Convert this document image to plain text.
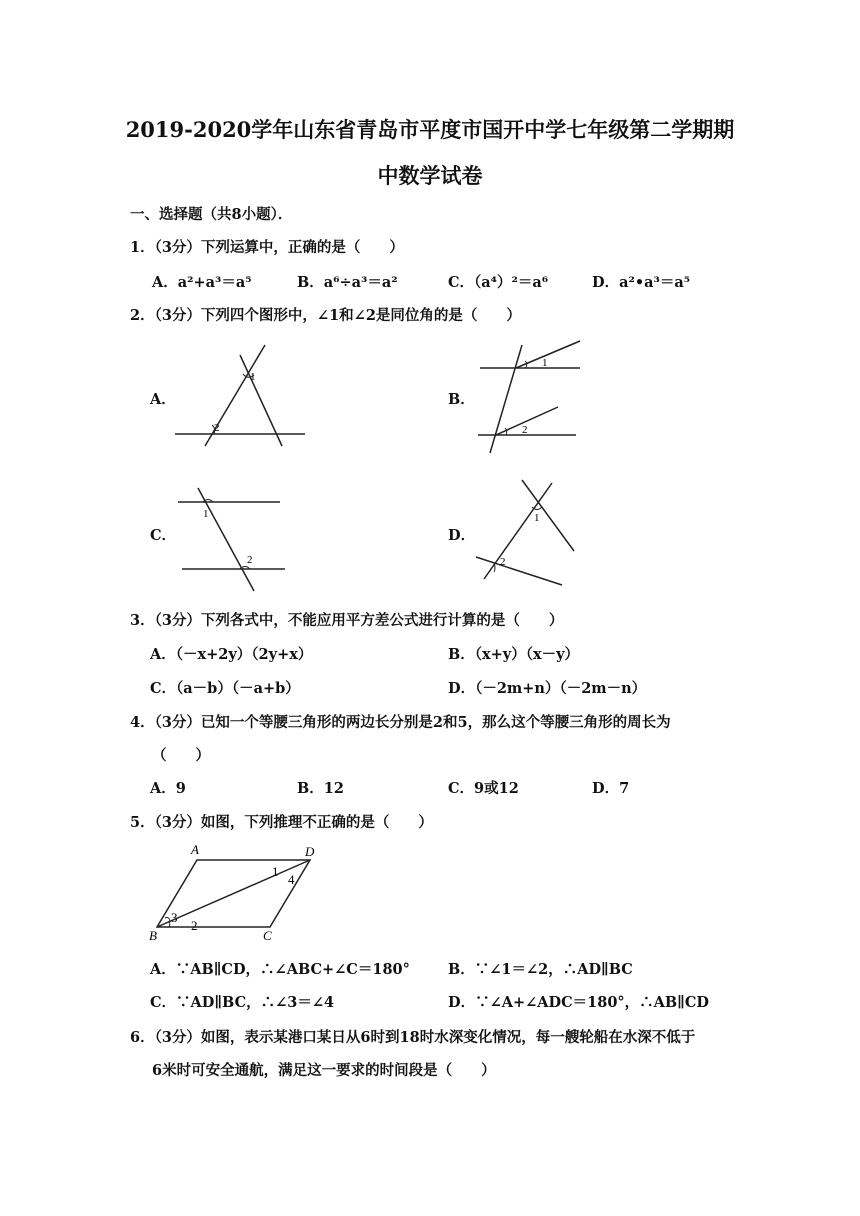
2019-2020学年山东省青岛市平度市国开中学七年级第二学期期
中数学试卷
一、选择题（共8小题）．
1．（3分）下列运算中，正确的是（　　）
A．a²+a³＝a⁵	B．a⁶÷a³＝a²	C．（a⁴）²＝a⁶	D．a²•a³＝a⁵
2．（3分）下列四个图形中，∠1和∠2是同位角的是（　　）
A．
1
2
B．
1
2
C．
1
2
D．
1
2
3．（3分）下列各式中，不能应用平方差公式进行计算的是（　　）
A．（－x+2y）（2y+x）	B．（x+y）（x－y）
C．（a－b）（－a+b）	D．（－2m+n）（－2m－n）
4．（3分）已知一个等腰三角形的两边长分别是2和5，那么这个等腰三角形的周长为
（　　）
A．9	B．12	C．9或12	D．7
5．（3分）如图，下列推理不正确的是（　　）
A	D
B	C
1
2
3
4
A．∵AB∥CD，∴∠ABC+∠C＝180°	B．∵∠1＝∠2，∴AD∥BC
C．∵AD∥BC，∴∠3＝∠4	D．∵∠A+∠ADC＝180°，∴AB∥CD
6．（3分）如图，表示某港口某日从6时到18时水深变化情况，每一艘轮船在水深不低于
6米时可安全通航，满足这一要求的时间段是（　　）
